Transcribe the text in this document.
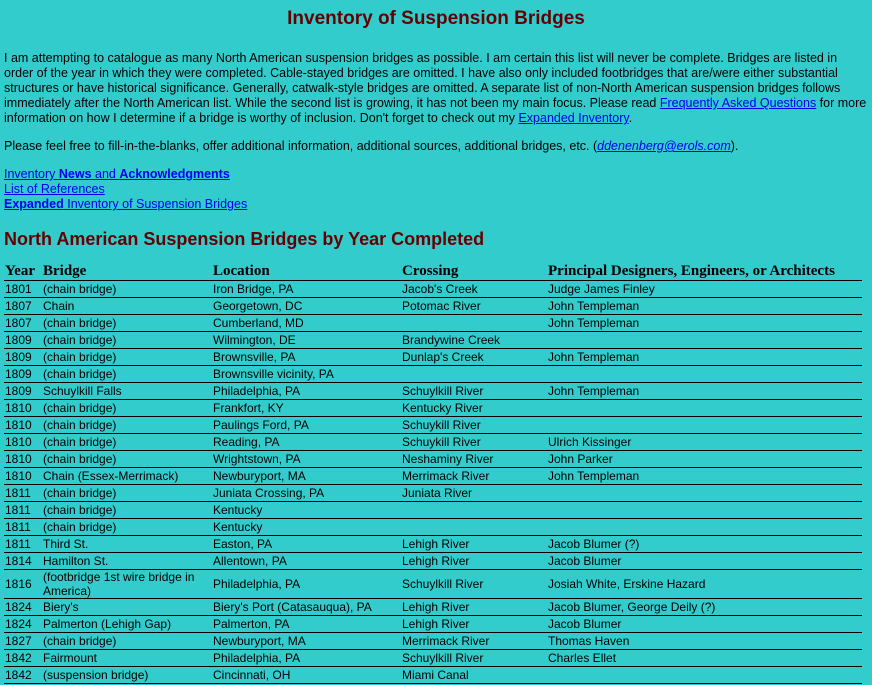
Inventory of Suspension Bridges

I am attempting to catalogue as many North American suspension bridges as possible. I am certain this list will never be complete. Bridges are listed in order of the year in which they were completed. Cable-stayed bridges are omitted. I have also only included footbridges that are/were either substantial structures or have historical significance. Generally, catwalk-style bridges are omitted. A separate list of non-North American suspension bridges follows immediately after the North American list. While the second list is growing, it has not been my main focus. Please read Frequently Asked Questions for more information on how I determine if a bridge is worthy of inclusion. Don't forget to check out my Expanded Inventory.

Please feel free to fill-in-the-blanks, offer additional information, additional sources, additional bridges, etc. (ddenenberg@erols.com).

Inventory News and Acknowledgments
List of References
Expanded Inventory of Suspension Bridges
North American Suspension Bridges by Year Completed
Year	Bridge	Location	Crossing	Principal Designers, Engineers, or Architects
1801	(chain bridge)	Iron Bridge, PA	Jacob's Creek	Judge James Finley
1807	Chain	Georgetown, DC	Potomac River	John Templeman
1807	(chain bridge)	Cumberland, MD		John Templeman
1809	(chain bridge)	Wilmington, DE	Brandywine Creek	
1809	(chain bridge)	Brownsville, PA	Dunlap's Creek	John Templeman
1809	(chain bridge)	Brownsville vicinity, PA		
1809	Schuylkill Falls	Philadelphia, PA	Schuylkill River	John Templeman
1810	(chain bridge)	Frankfort, KY	Kentucky River	
1810	(chain bridge)	Paulings Ford, PA	Schuykill River	
1810	(chain bridge)	Reading, PA	Schuykill River	Ulrich Kissinger
1810	(chain bridge)	Wrightstown, PA	Neshaminy River	John Parker
1810	Chain (Essex-Merrimack)	Newburyport, MA	Merrimack River	John Templeman
1811	(chain bridge)	Juniata Crossing, PA	Juniata River	
1811	(chain bridge)	Kentucky		
1811	(chain bridge)	Kentucky		
1811	Third St.	Easton, PA	Lehigh River	Jacob Blumer (?)
1814	Hamilton St.	Allentown, PA	Lehigh River	Jacob Blumer
1816	(footbridge 1st wire bridge in America)	Philadelphia, PA	Schuylkill River	Josiah White, Erskine Hazard
1824	Biery's	Biery's Port (Catasauqua), PA	Lehigh River	Jacob Blumer, George Deily (?)
1824	Palmerton (Lehigh Gap)	Palmerton, PA	Lehigh River	Jacob Blumer
1827	(chain bridge)	Newburyport, MA	Merrimack River	Thomas Haven
1842	Fairmount	Philadelphia, PA	Schuylkill River	Charles Ellet
1842	(suspension bridge)	Cincinnati, OH	Miami Canal	
